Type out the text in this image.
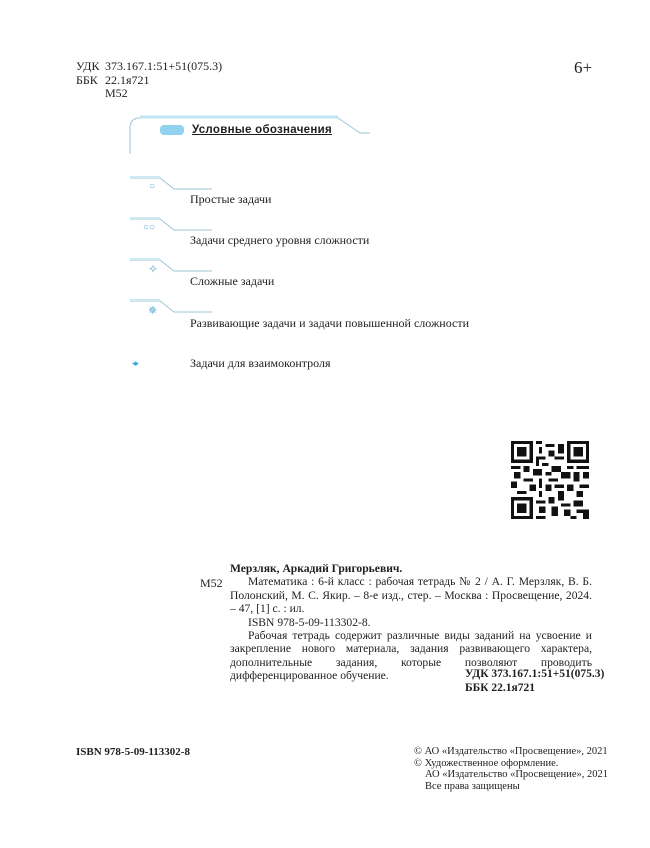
УДК 373.167.1:51+51(075.3)
ББК 22.1я721
М52
6+
Условные обозначения
○
Простые задачи
○○
Задачи среднего уровня сложности
✧
Сложные задачи
✵
Развивающие задачи и задачи повышенной сложности
◂▸	Задачи для взаимоконтроля
М52
Мерзляк, Аркадий Григорьевич.
Математика : 6-й класс : рабочая тетрадь № 2 / А. Г. Мерзляк, В. Б. Полонский, М. С. Якир. – 8-е изд., стер. – Москва : Просвещение, 2024. – 47, [1] с. : ил.
ISBN 978-5-09-113302-8.
Рабочая тетрадь содержит различные виды заданий на усвоение и закрепление нового материала, задания развивающего характера, дополнительные задания, которые позволяют проводить дифференцированное обучение.	УДК 373.167.1:51+51(075.3)
ББК 22.1я721
ISBN 978-5-09-113302-8	© АО «Издательство «Просвещение», 2021
© Художественное оформление.
АО «Издательство «Просвещение», 2021
Все права защищены
